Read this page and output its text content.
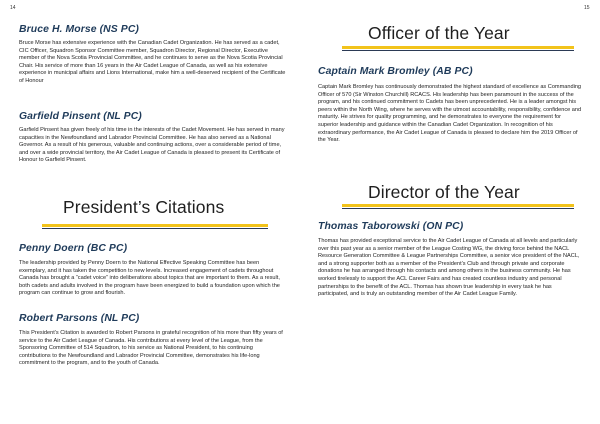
14	15
Bruce H. Morse (NS PC)

Bruce Morse has extensive experience with the Canadian Cadet Organization. He has served as a cadet, CIC Officer, Squadron Sponsor Committee member, Squadron Director, Regional Director, Executive member of the Nova Scotia Provincial Committee, and he continues to serve as the Nova Scotia Provincial Chair. His service of more than 16 years in the Air Cadet League of Canada, as well as his extensive experience in municipal affairs and Lions International, make him a well-deserved recipient of the Certificate of Honour

Garfield Pinsent (NL PC)

Garfield Pinsent has given freely of his time in the interests of the Cadet Movement. He has served in many capacities in the Newfoundland and Labrador Provincial Committee. He has also served as a National Governor. As a result of his generous, valuable and continuing actions, over a considerable period of time, and over a wide provincial territory, the Air Cadet League of Canada is pleased to present its Certificate of Honour to Garfield Pinsent.

President’s Citations
Penny Doern (BC PC)

The leadership provided by Penny Doern to the National Effective Speaking Committee has been exemplary, and it has taken the competition to new levels. Increased engagement of cadets throughout Canada has brought a “cadet voice” into deliberations about topics that are important to them. As a result, both cadets and adults involved in the program have been energized to build a foundation upon which the program can continue to grow and flourish.

Robert Parsons (NL PC)

This President’s Citation is awarded to Robert Parsons in grateful recognition of his more than fifty years of service to the Air Cadet League of Canada. His contributions at every level of the League, from the Sponsoring Committee of 514 Squadron, to his service as National President, to his continuing contributions to the Newfoundland and Labrador Provincial Committee, demonstrates his life-long commitment to the program, and to the youth of Canada.

Officer of the Year
Captain Mark Bromley (AB PC)

Captain Mark Bromley has continuously demonstrated the highest standard of excellence as Commanding Officer of 570 (Sir Winston Churchill) RCACS. His leadership has been paramount in the success of the program, and his continued commitment to Cadets has been unprecedented. He is a leader amongst his peers within the North Wing, where he serves with the utmost accountability, responsibility, confidence and maturity. He strives for quality programming, and he demonstrates to everyone the requirement for superior leadership and guidance within the Canadian Cadet Organization. In recognition of his extraordinary performance, the Air Cadet League of Canada is pleased to declare him the 2019 Officer of the Year.

Director of the Year
Thomas Taborowski (ON PC)

Thomas has provided exceptional service to the Air Cadet League of Canada at all levels and particularly over this past year as a senior member of the League Costing WG, the driving force behind the NACL Resource Generation Committee & League Partnerships Committee, a senior vice president of the NACL, and a strong supporter both as a member of the President’s Club and through private and corporate donations he has arranged through his contacts and among others in the business community. He has worked tirelessly to support the ACL Career Fairs and has created countless industry and personal partnerships to the benefit of the ACL. Thomas has shown true leadership in every task he has participated, and is truly an outstanding member of the Air Cadet League Family.
